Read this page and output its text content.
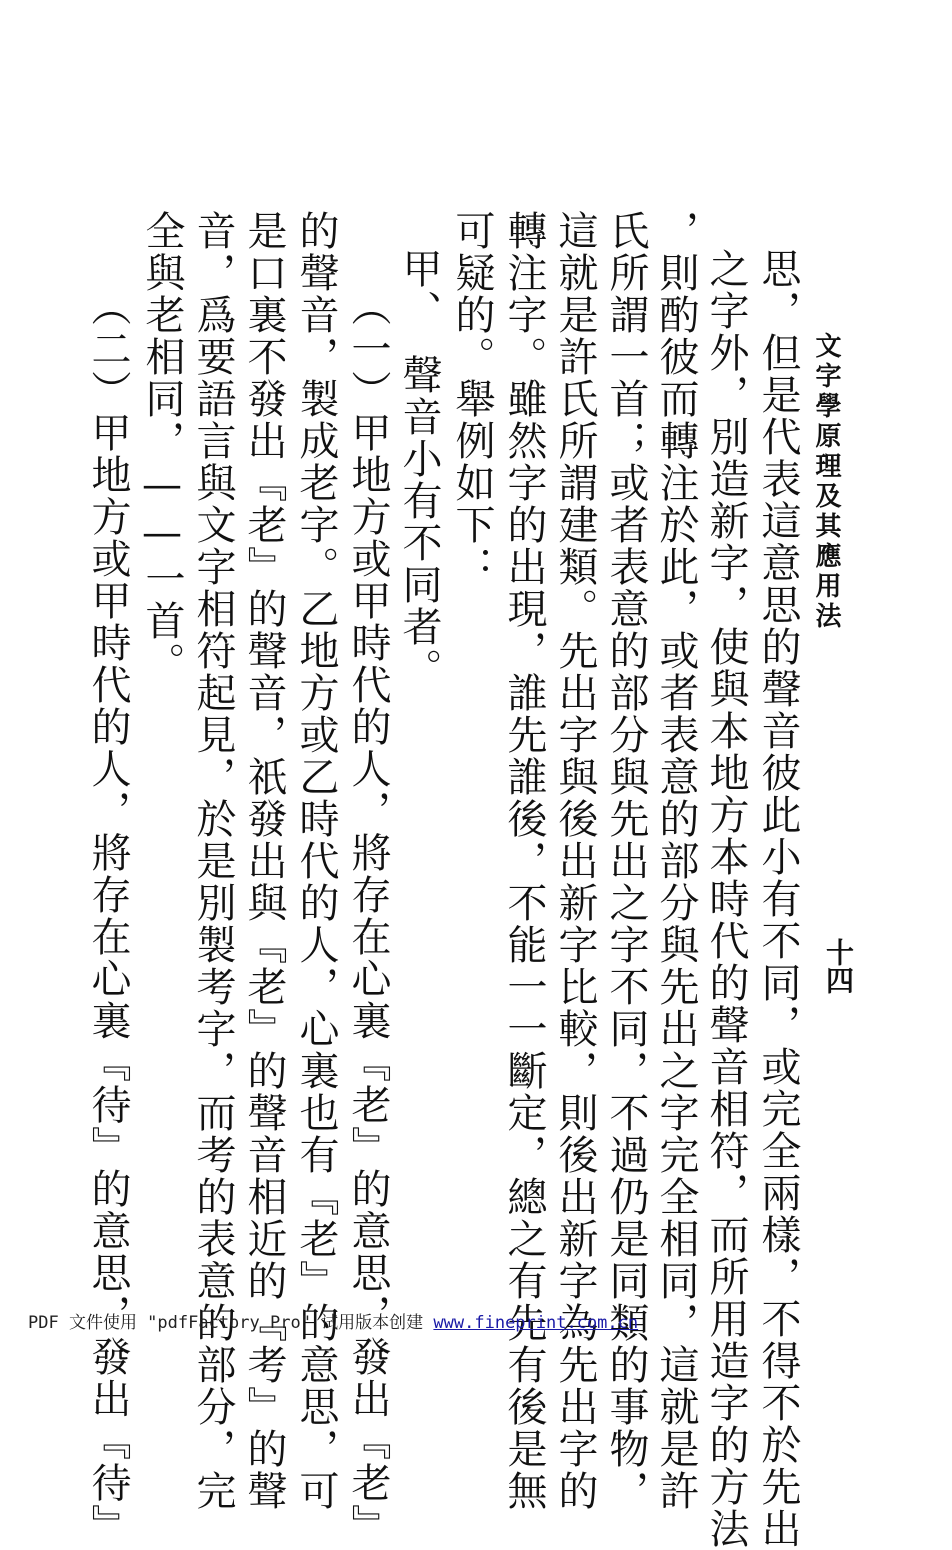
文字學原理及其應用法
十四
思，但是代表這意思的聲音彼此小有不同，或完全兩樣，不得不於先出
之字外，別造新字，使與本地方本時代的聲音相符，而所用造字的方法
，則酌彼而轉注於此，或者表意的部分與先出之字完全相同，這就是許
氏所謂一首；或者表意的部分與先出之字不同，不過仍是同類的事物，
這就是許氏所謂建類。先出字與後出新字比較，則後出新字為先出字的
轉注字。雖然字的出現，誰先誰後，不能一一斷定，總之有先有後是無
可疑的。舉例如下：
甲、　聲音小有不同者。
（一）甲地方或甲時代的人，將存在心裏『老』的意思，發出『老』
的聲音，製成老字。乙地方或乙時代的人，心裏也有『老』的意思，可
是口裏不發出『老』的聲音，祇發出與『老』的聲音相近的『考』的聲
音，爲要語言與文字相符起見，於是別製考字，而考的表意的部分，完
全與老相同，——一首。
（二）甲地方或甲時代的人，將存在心裏『待』的意思，發出『待』
PDF 文件使用 "pdfFactory Pro" 试用版本创建 www.fineprint.com.cn
